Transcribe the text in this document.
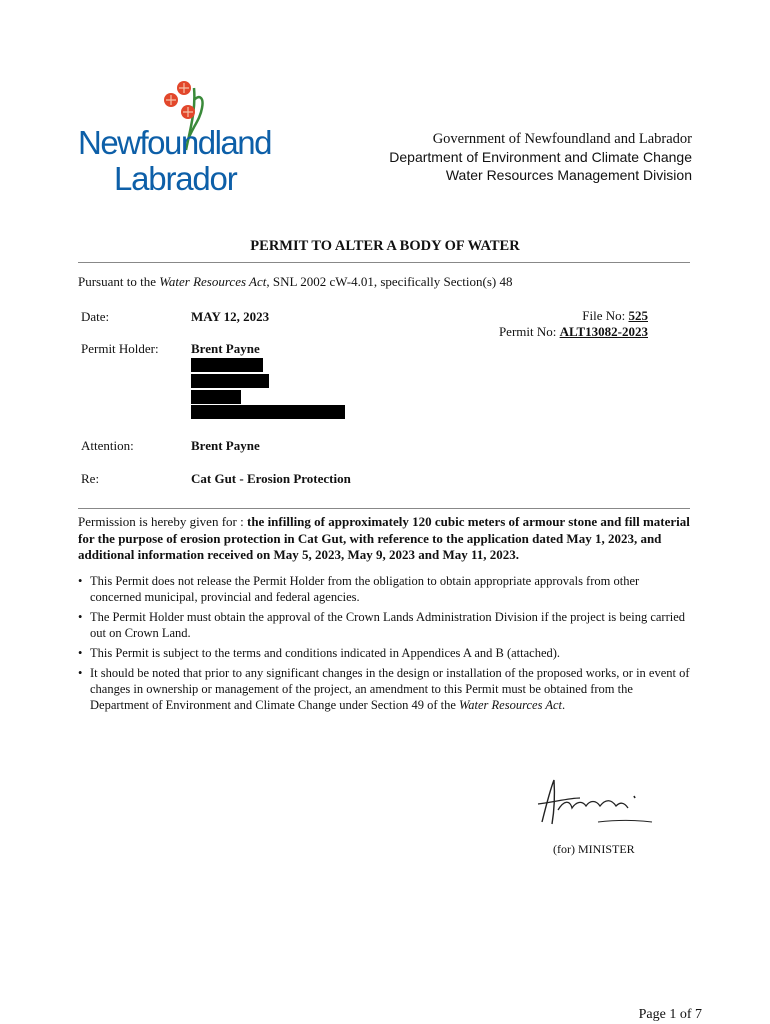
Newfoundland
Labrador
Government of Newfoundland and Labrador
Department of Environment and Climate Change
Water Resources Management Division
PERMIT TO ALTER A BODY OF WATER
Pursuant to the Water Resources Act, SNL 2002 cW-4.01, specifically Section(s) 48
Date:	MAY 12, 2023	File No: 525
Permit No: ALT13082-2023
Permit Holder: Brent Payne
Attention:	Brent Payne
Re:	Cat Gut - Erosion Protection
Permission is hereby given for : the infilling of approximately 120 cubic meters of armour stone and fill material for the purpose of erosion protection in Cat Gut, with reference to the application dated May 1, 2023, and additional information received on May 5, 2023, May 9, 2023 and May 11, 2023.
• This Permit does not release the Permit Holder from the obligation to obtain appropriate approvals from other concerned municipal, provincial and federal agencies.
• The Permit Holder must obtain the approval of the Crown Lands Administration Division if the project is being carried out on Crown Land.
• This Permit is subject to the terms and conditions indicated in Appendices A and B (attached).
• It should be noted that prior to any significant changes in the design or installation of the proposed works, or in event of changes in ownership or management of the project, an amendment to this Permit must be obtained from the Department of Environment and Climate Change under Section 49 of the Water Resources Act.
(for) MINISTER
Page 1 of 7
